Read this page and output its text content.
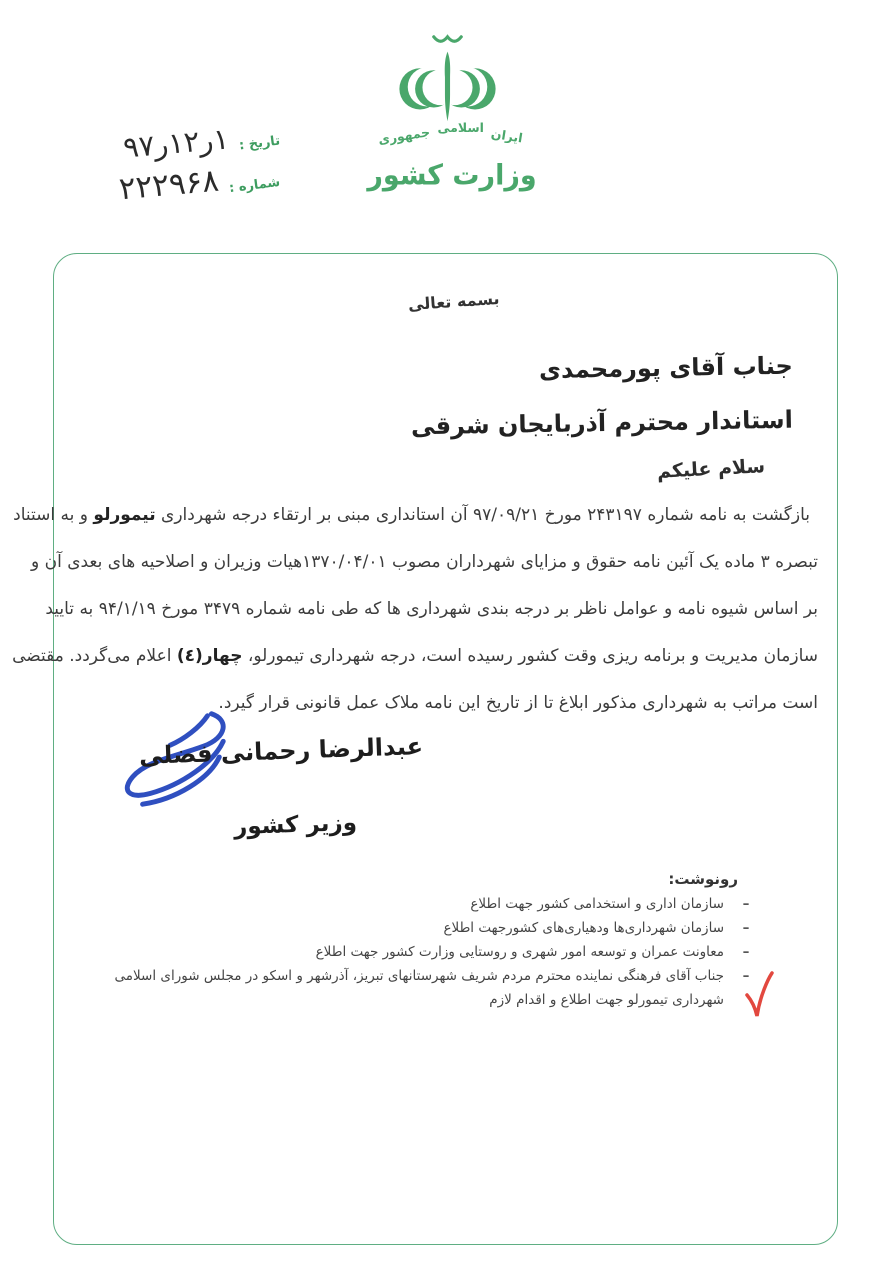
جمهوری اسلامی ایران
وزارت کشور
تاریخ :
۱ر۱۲ر۹۷
شماره :
۲۲۲۹۶۸
بسمه تعالی
جناب آقای پورمحمدی
استاندار محترم آذربایجان شرقی
سلام علیکم
بازگشت به نامه شماره ۲۴۳۱۹۷ مورخ ۹۷/۰۹/۲۱ آن استانداری مبنی بر ارتقاء درجه شهرداری تیمورلو و به استناد
تبصره ۳ ماده یک آئین نامه حقوق و مزایای شهرداران مصوب ۱۳۷۰/۰۴/۰۱هیات وزیران و اصلاحیه های بعدی آن و
بر اساس شیوه نامه و عوامل ناظر بر درجه بندی شهرداری ها که طی نامه شماره ۳۴۷۹ مورخ ۹۴/۱/۱۹ به تایید
سازمان مدیریت و برنامه ریزی وقت کشور رسیده است، درجه شهرداری تیمورلو، چهار(٤) اعلام می‌گردد. مقتضی
است مراتب به شهرداری مذکور ابلاغ تا از تاریخ این نامه ملاک عمل قانونی قرار گیرد.
عبدالرضا رحمانی فضلی
وزیر کشور
رونوشت:
–
سازمان اداری و استخدامی کشور جهت اطلاع
–
سازمان شهرداری‌ها ودهیاری‌های کشورجهت اطلاع
–
معاونت عمران و توسعه امور شهری و روستایی وزارت کشور جهت اطلاع
–
جناب آقای فرهنگی نماینده محترم مردم شریف شهرستانهای تبریز، آذرشهر و اسکو در مجلس شورای اسلامی
شهرداری تیمورلو جهت اطلاع و اقدام لازم
